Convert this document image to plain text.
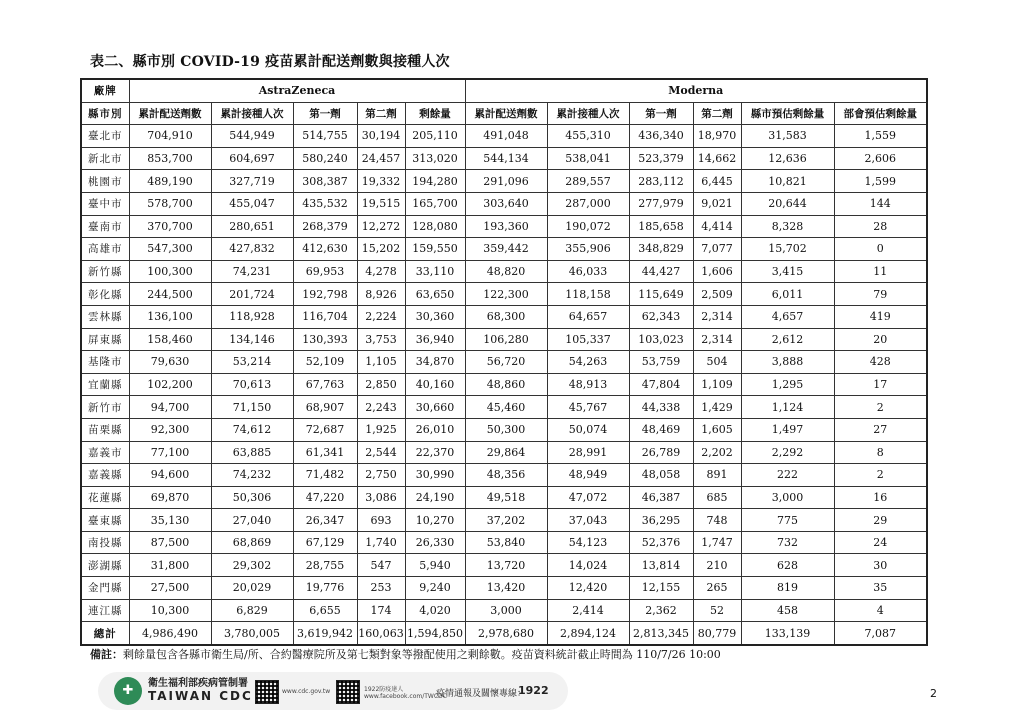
表二、縣市別 COVID-19 疫苗累計配送劑數與接種人次
廠牌	AstraZeneca					Moderna					
縣市別	累計配送劑數	累計接種人次	第一劑	第二劑	剩餘量	累計配送劑數	累計接種人次	第一劑	第二劑	縣市預估剩餘量	部會預估剩餘量
臺北市	704,910	544,949	514,755	30,194	205,110	491,048	455,310	436,340	18,970	31,583	1,559
新北市	853,700	604,697	580,240	24,457	313,020	544,134	538,041	523,379	14,662	12,636	2,606
桃園市	489,190	327,719	308,387	19,332	194,280	291,096	289,557	283,112	6,445	10,821	1,599
臺中市	578,700	455,047	435,532	19,515	165,700	303,640	287,000	277,979	9,021	20,644	144
臺南市	370,700	280,651	268,379	12,272	128,080	193,360	190,072	185,658	4,414	8,328	28
高雄市	547,300	427,832	412,630	15,202	159,550	359,442	355,906	348,829	7,077	15,702	0
新竹縣	100,300	74,231	69,953	4,278	33,110	48,820	46,033	44,427	1,606	3,415	11
彰化縣	244,500	201,724	192,798	8,926	63,650	122,300	118,158	115,649	2,509	6,011	79
雲林縣	136,100	118,928	116,704	2,224	30,360	68,300	64,657	62,343	2,314	4,657	419
屏東縣	158,460	134,146	130,393	3,753	36,940	106,280	105,337	103,023	2,314	2,612	20
基隆市	79,630	53,214	52,109	1,105	34,870	56,720	54,263	53,759	504	3,888	428
宜蘭縣	102,200	70,613	67,763	2,850	40,160	48,860	48,913	47,804	1,109	1,295	17
新竹市	94,700	71,150	68,907	2,243	30,660	45,460	45,767	44,338	1,429	1,124	2
苗栗縣	92,300	74,612	72,687	1,925	26,010	50,300	50,074	48,469	1,605	1,497	27
嘉義市	77,100	63,885	61,341	2,544	22,370	29,864	28,991	26,789	2,202	2,292	8
嘉義縣	94,600	74,232	71,482	2,750	30,990	48,356	48,949	48,058	891	222	2
花蓮縣	69,870	50,306	47,220	3,086	24,190	49,518	47,072	46,387	685	3,000	16
臺東縣	35,130	27,040	26,347	693	10,270	37,202	37,043	36,295	748	775	29
南投縣	87,500	68,869	67,129	1,740	26,330	53,840	54,123	52,376	1,747	732	24
澎湖縣	31,800	29,302	28,755	547	5,940	13,720	14,024	13,814	210	628	30
金門縣	27,500	20,029	19,776	253	9,240	13,420	12,420	12,155	265	819	35
連江縣	10,300	6,829	6,655	174	4,020	3,000	2,414	2,362	52	458	4
總計	4,986,490	3,780,005	3,619,942	160,063	1,594,850	2,978,680	2,894,124	2,813,345	80,779	133,139	7,087
備註：剩餘量包含各縣市衛生局/所、合約醫療院所及第七類對象等撥配使用之剩餘數。疫苗資料統計截止時間為 110/7/26 10:00
✚	衛生福利部疾病管制署
TAIWAN CDC	www.cdc.gov.tw	1922防疫達人
www.facebook.com/TWCDC
疫情通報及關懷專線：
1922	2
